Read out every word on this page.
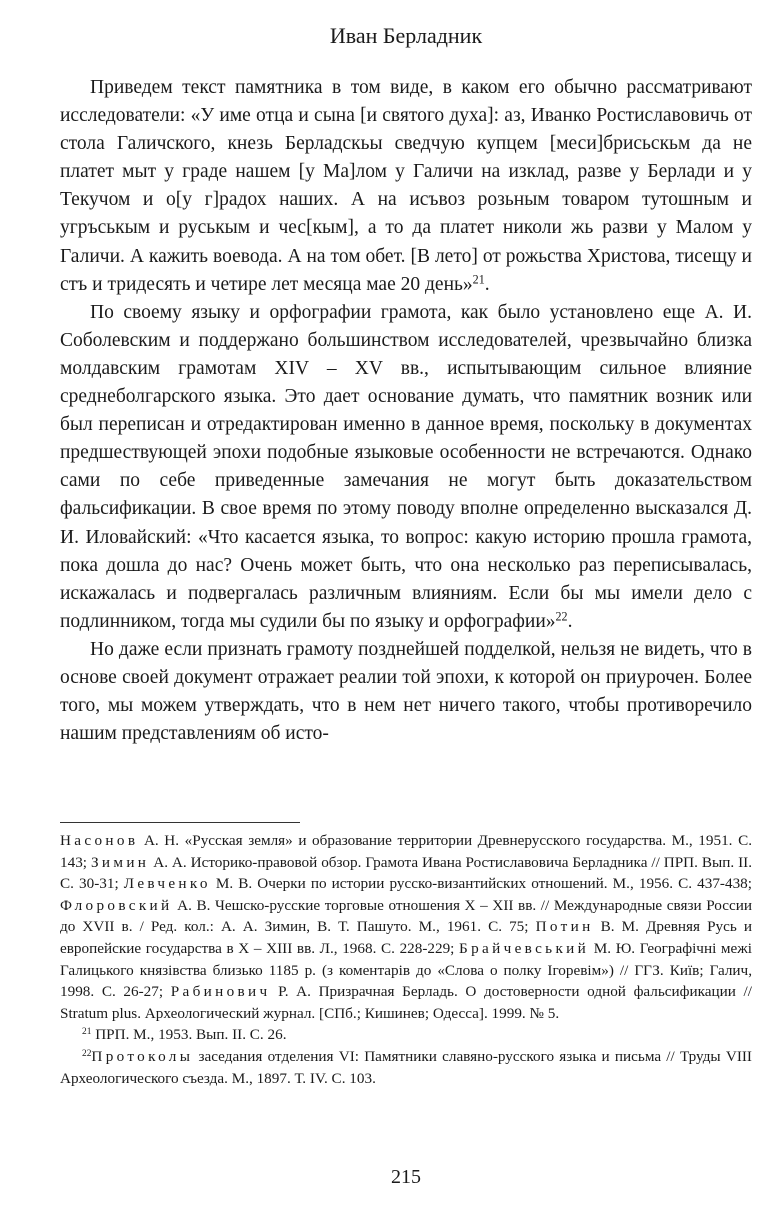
Иван Берладник

Приведем текст памятника в том виде, в каком его обычно рассматривают исследователи: «У име отца и сына [и святого духа]: аз, Иванко Ростиславовичь от стола Галичского, кнезь Берладскьы сведчую купцем [меси]брисьскьм да не платет мыт у граде нашем [у Ма]лом у Галичи на изклад, разве у Берлади и у Текучом и о[у г]радох наших. А на исъвоз розьным товаром тутошным и угръськым и руськым и чес[кым], а то да платет николи жь разви у Малом у Галичи. А кажить воевода. А на том обет. [В лето] от рожьства Христова, тисещу и стъ и тридесять и четире лет месяца мае 20 день»$^{21}$.

По своему языку и орфографии грамота, как было установлено еще А. И. Соболевским и поддержано большинством исследователей, чрезвычайно близка молдавским грамотам XIV – XV вв., испытывающим сильное влияние среднеболгарского языка. Это дает основание думать, что памятник возник или был переписан и отредактирован именно в данное время, поскольку в документах предшествующей эпохи подобные языковые особенности не встречаются. Однако сами по себе приведенные замечания не могут быть доказательством фальсификации. В свое время по этому поводу вполне определенно высказался Д. И. Иловайский: «Что касается языка, то вопрос: какую историю прошла грамота, пока дошла до нас? Очень может быть, что она несколько раз переписывалась, искажалась и подвергалась различным влияниям. Если бы мы имели дело с подлинником, тогда мы судили бы по языку и орфографии»$^{22}$.

Но даже если признать грамоту позднейшей подделкой, нельзя не видеть, что в основе своей документ отражает реалии той эпохи, к которой он приурочен. Более того, мы можем утверждать, что в нем нет ничего такого, чтобы противоречило нашим представлениям об исто-

Насонов А. Н. «Русская земля» и образование территории Древнерусского государства. М., 1951. С. 143; Зимин А. А. Историко-правовой обзор. Грамота Ивана Ростиславовича Берладника // ПРП. Вып. II. С. 30-31; Левченко М. В. Очерки по истории русско-византийских отношений. М., 1956. С. 437-438; Флоровский А. В. Чешско-русские торговые отношения X – XII вв. // Международные связи России до XVII в. / Ред. кол.: А. А. Зимин, В. Т. Пашуто. М., 1961. С. 75; Потин В. М. Древняя Русь и европейские государства в X – XIII вв. Л., 1968. С. 228-229; Брайчевський М. Ю. Географічні межі Галицького князівства близько 1185 р. (з коментарів до «Слова о полку Ігоревім») // ГГЗ. Київ; Галич, 1998. С. 26-27; Рабинович Р. А. Призрачная Берладь. О достоверности одной фальсификации // Stratum plus. Археологический журнал. [СПб.; Кишинев; Одесса]. 1999. № 5.

$^{21}$ ПРП. М., 1953. Вып. II. С. 26.

$^{22}$Протоколы заседания отделения VI: Памятники славяно-русского языка и письма // Труды VIII Археологического съезда. М., 1897. Т. IV. С. 103.

215
